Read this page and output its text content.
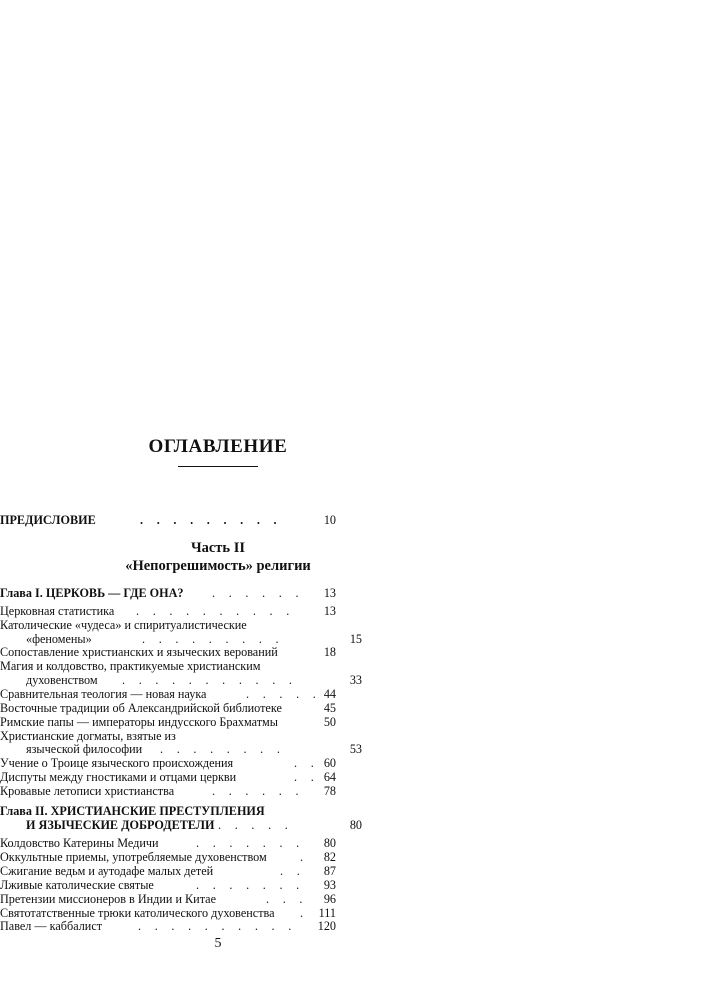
ОГЛАВЛЕНИЕ
ПРЕДИСЛОВИЕ	. . . . . . . . .	10
Часть II
«Непогрешимость» религии
Глава I. ЦЕРКОВЬ — ГДЕ ОНА? . . . . . . 13
Церковная статистика . . . . . . . . . . 13
Католические «чудеса» и спиритуалистические
«феномены»	. . . . . . . . .	15
Сопоставление христианских и языческих верований	18
Магия и колдовство, практикуемые христианским
духовенством . . . . . . . . . . .	33
Сравнительная теология — новая наука	. . . . . 44
Восточные традиции об Александрийской библиотеке	45
Римские папы — императоры индусского Брахматмы	50
Христианские догматы, взятые из
языческой философии . . . . . . . .	53
Учение о Троице языческого происхождения	. . 60
Диспуты между гностиками и отцами церкви	. . 64
Кровавые летописи христианства	. . . . . . 78
Глава II. ХРИСТИАНСКИЕ ПРЕСТУПЛЕНИЯ
И ЯЗЫЧЕСКИЕ ДОБРОДЕТЕЛИ . . . . .	80
Колдовство Катерины Медичи	. . . . . . . 80
Оккультные приемы, употребляемые духовенством	. 82
Сжигание ведьм и аутодафе малых детей	. . 87
Лживые католические святые	. . . . . . . 93
Претензии миссионеров в Индии и Китае	. . . 96
Святотатственные трюки католического духовенства . 111
Павел — каббалист	. . . . . . . . . . 120
5
